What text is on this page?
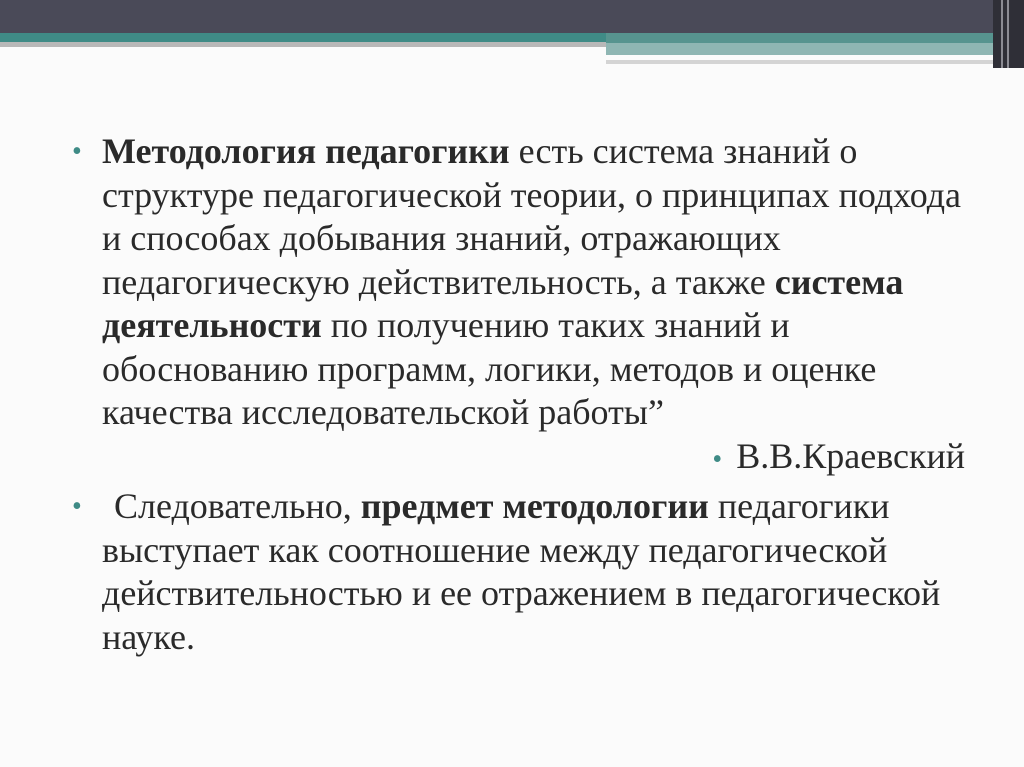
• Методология педагогики есть система знаний о структуре педагогической теории, о принципах подхода и способах добывания знаний, отражающих педагогическую действительность, а также система деятельности по получению таких знаний и обоснованию программ, логики, методов и оценке качества исследовательской работы”

• В.В.Краевский

• Следовательно, предмет методологии педагогики выступает как соотношение между педагогической действительностью и ее отражением в педагогической науке.
